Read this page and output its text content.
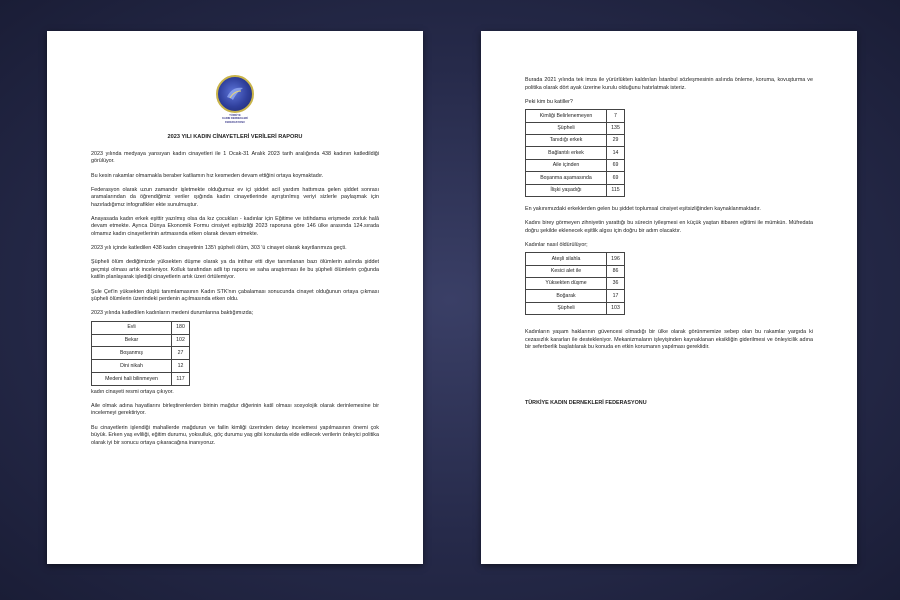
TÜRKİYE
KADIN DERNEKLERİ
FEDERASYONU
2023 YILI KADIN CİNAYETLERİ VERİLERİ RAPORU

2023 yılında medyaya yansıyan kadın cinayetleri ile 1 Ocak-31 Aralık 2023 tarih aralığında 438 kadının katledildiği görülüyor.

Bu kesin rakamlar olmamakla beraber katliamın hız kesmeden devam ettiğini ortaya koymaktadır.

Federasyon olarak uzun zamandır işletmekte olduğumuz ev içi şiddet acil yardım hattımıza gelen şiddet sonrası aramalarından da öğrendiğimiz veriler ışığında kadın cinayetlerinde ayrıştırılmış veriyi sizlerle paylaşmak için hazırladığımız infografikler ekte sunulmuştur.

Anayasada kadın erkek eşittir yazılmış olsa da kız çocukları - kadınlar için Eğitime ve istihdama erişmede zorluk halâ devam etmekte. Ayrıca Dünya Ekonomik Formu cinsiyet eşitsizliği 2023 raporuna göre 146 ülke arasında 124.sırada olmamız kadın cinayetlerinin artmasında etken olarak devam etmekte.

2023 yılı içinde katledilen 438 kadın cinayetinin 135'i şüpheli ölüm, 303 'ü cinayet olarak kayıtlarımıza geçti.

Şüpheli ölüm dediğimizde yüksekten düşme olarak ya da intihar etti diye tanımlanan bazı ölümlerin aslında şiddet geçmişi olması artık inceleniyor. Kolluk tarafından adli tıp raporu ve saha araştırması ile bu şüpheli ölümlerin çoğunda katilin planlayarak işlediği cinayetlerin artık üzeri örtülemiyor.

Şule Çet'in yüksekten düştü tanımlamasının Kadın STK'nın çabalaması sonucunda cinayet olduğunun ortaya çıkması şüpheli ölümlerin üzerindeki perdenin açılmasında etken oldu.

2023 yılında katledilen kadınların medeni durumlarına baktığımızda;

Evli	180
Bekar	102
Boşanmış	27
Dini nikah	12
Medeni hali bilinmeyen	117

kadın cinayeti resmi ortaya çıkıyor.

Aile olmak adına hayatlarını birleştirenlerden birinin mağdur diğerinin katil olması sosyolojik olarak derinlemesine bir incelemeyi gerektiriyor.

Bu cinayetlerin işlendiği mahallerde mağdurun ve failin kimliği üzerinden detay incelemesi yapılmasının önemi çok büyük. Erken yaş evliliği, eğitim durumu, yoksulluk, göç durumu yaş gibi konularda elde edilecek verilerin önleyici politika olarak iyi bir sonucu ortaya çıkaracağına inanıyoruz.

Burada 2021 yılında tek imza ile yürürlükten kaldırılan İstanbul sözleşmesinin aslında önleme, koruma, kovuşturma ve politika olarak dört ayak üzerine kurulu olduğunu hatırlatmak isteriz.

Peki kim bu katiller?

Kimliği Belirlenemeyen	7
Şüpheli	135
Tanıdığı erkek	29
Bağlantılı erkek	14
Aile içinden	69
Boşanma aşamasında	69
İlişki yaşadığı	115

En yakınımızdaki erkeklerden gelen bu şiddet toplumsal cinsiyet eşitsizliğinden kaynaklanmaktadır.

Kadını birey görmeyen zihniyetin yarattığı bu sürecin iyileşmesi en küçük yaştan itibaren eğitimi ile mümkün. Müfredata doğru şekilde eklenecek eşitlik algısı için doğru bir adım olacaktır.

Kadınlar nasıl öldürülüyor;

Ateşli silahla	196
Kesici alet ile	86
Yüksekten düşme	36
Boğarak	17
Şüpheli	103

Kadınların yaşam haklarının güvencesi olmadığı bir ülke olarak görünmemize sebep olan bu rakamlar yargıda ki cezasızlık kararları ile destekleniyor. Mekanizmaların işleyişinden kaynaklanan eksikliğin giderilmesi ve önleyicilik adına bir seferberlik başlatılarak bu konuda en etkin korumanın yapılması gereklidir.

TÜRKİYE KADIN DERNEKLERİ FEDERASYONU
